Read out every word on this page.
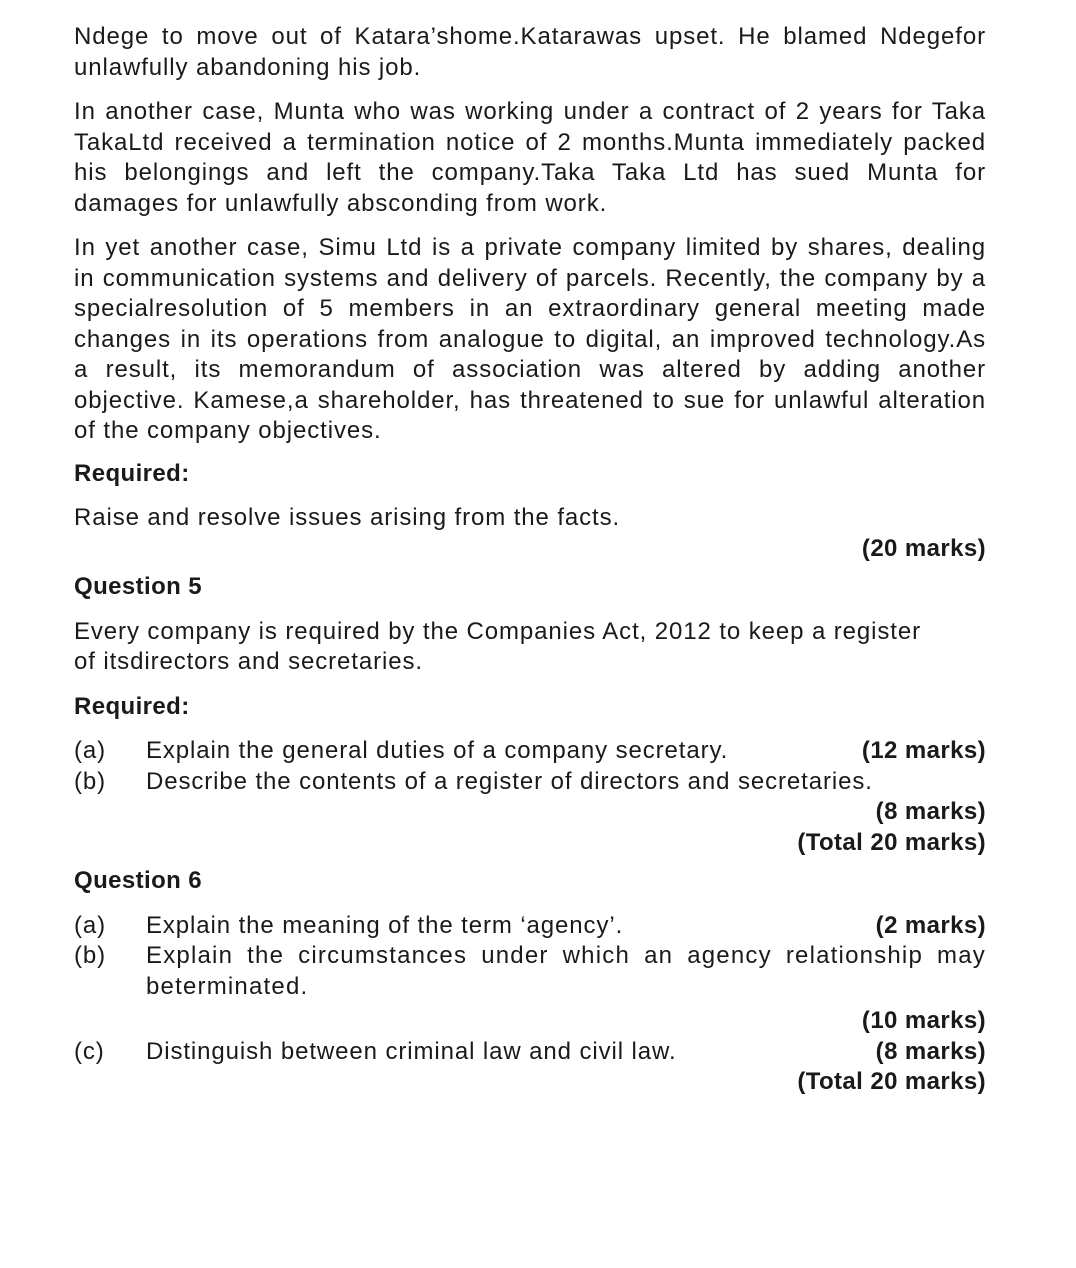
Ndege to move out of Katara’shome.Katarawas upset. He blamed Ndegefor unlawfully abandoning his job.

In another case, Munta who was working under a contract of 2 years for Taka TakaLtd received a termination notice of 2 months.Munta immediately packed his belongings and left the company.Taka Taka Ltd has sued Munta for damages for unlawfully absconding from work.

In yet another case, Simu Ltd is a private company limited by shares, dealing in communication systems and delivery of parcels. Recently, the company by a specialresolution of 5 members in an extraordinary general meeting made changes in its operations from analogue to digital, an improved technology.As a result, its memorandum of association was altered by adding another objective. Kamese,a shareholder, has threatened to sue for unlawful alteration of the company objectives.

Required:
Raise and resolve issues arising from the facts.
(20 marks)
Question 5

Every company is required by the Companies Act, 2012 to keep a register of itsdirectors and secretaries.

Required:
(a)	Explain the general duties of a company secretary.	(12 marks)
(b)	Describe the contents of a register of directors and secretaries.
(8 marks)
(Total 20 marks)
Question 6
(a)	Explain the meaning of the term ‘agency’.	(2 marks)
(b)	Explain the circumstances under which an agency relationship may beterminated.
(10 marks)
(c)	Distinguish between criminal law and civil law.	(8 marks)
(Total 20 marks)
